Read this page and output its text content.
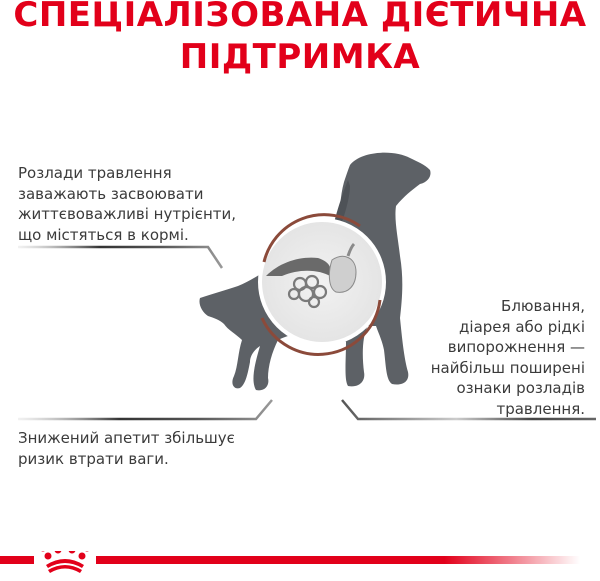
СПЕЦІАЛІЗОВАНА ДІЄТИЧНА
ПІДТРИМКА
Розлади травлення
заважають засвоювати
життєвоважливі нутрієнти,
що містяться в кормі.
Блювання,
діарея або рідкі
випорожнення —
найбільш поширені
ознаки розладів
травлення.
Знижений апетит збільшує
ризик втрати ваги.
